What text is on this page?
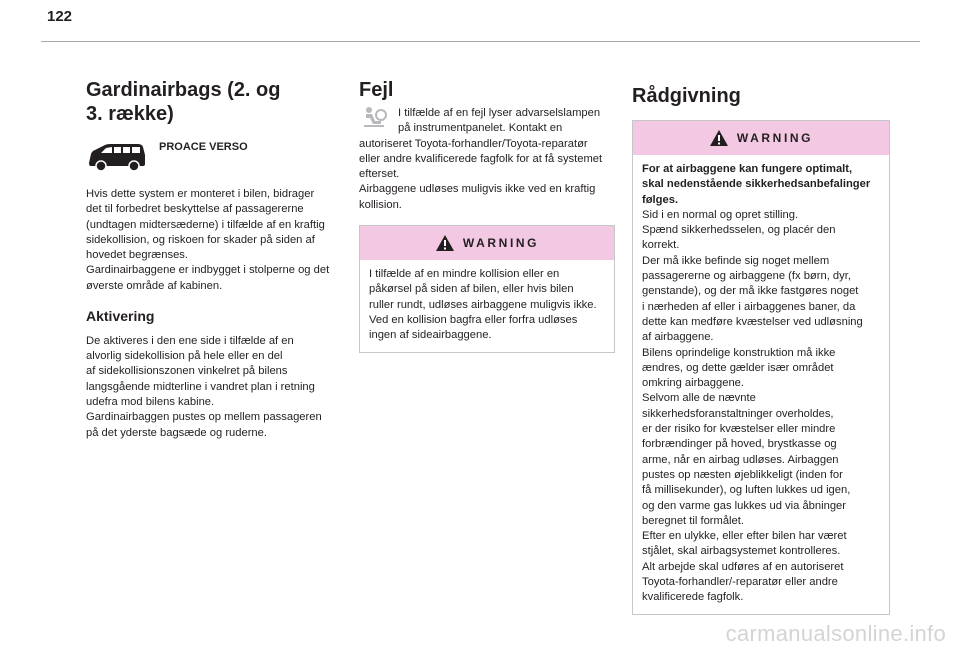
122
Gardinairbags (2. og 3. række)
PROACE VERSO

Hvis dette system er monteret i bilen, bidrager
det til forbedret beskyttelse af passagererne
(undtagen midtersæderne) i tilfælde af en kraftig
sidekollision, og riskoen for skader på siden af
hovedet begrænses.
Gardinairbaggene er indbygget i stolperne og det
øverste område af kabinen.

Aktivering

De aktiveres i den ene side i tilfælde af en
alvorlig sidekollision på hele eller en del
af sidekollisionszonen vinkelret på bilens
langsgående midterline i vandret plan i retning
udefra mod bilens kabine.
Gardinairbaggen pustes op mellem passageren
på det yderste bagsæde og ruderne.

Fejl

I tilfælde af en fejl lyser advarselslampen
på instrumentpanelet. Kontakt en
autoriseret Toyota-forhandler/Toyota-reparatør
eller andre kvalificerede fagfolk for at få systemet
efterset.
Airbaggene udløses muligvis ikke ved en kraftig
kollision.

WARNING

I tilfælde af en mindre kollision eller en
påkørsel på siden af bilen, eller hvis bilen
ruller rundt, udløses airbaggene muligvis ikke.
Ved en kollision bagfra eller forfra udløses
ingen af sideairbaggene.

Rådgivning
WARNING

For at airbaggene kan fungere optimalt,
skal nedenstående sikkerhedsanbefalinger
følges.

Sid i en normal og opret stilling.
Spænd sikkerhedsselen, og placér den
korrekt.
Der må ikke befinde sig noget mellem
passagererne og airbaggene (fx børn, dyr,
genstande), og der må ikke fastgøres noget
i nærheden af eller i airbaggenes baner, da
dette kan medføre kvæstelser ved udløsning
af airbaggene.
Bilens oprindelige konstruktion må ikke
ændres, og dette gælder især området
omkring airbaggene.
Selvom alle de nævnte
sikkerhedsforanstaltninger overholdes,
er der risiko for kvæstelser eller mindre
forbrændinger på hoved, brystkasse og
arme, når en airbag udløses. Airbaggen
pustes op næsten øjeblikkeligt (inden for
få millisekunder), og luften lukkes ud igen,
og den varme gas lukkes ud via åbninger
beregnet til formålet.
Efter en ulykke, eller efter bilen har været
stjålet, skal airbagsystemet kontrolleres.
Alt arbejde skal udføres af en autoriseret
Toyota-forhandler/-reparatør eller andre
kvalificerede fagfolk.

carmanualsonline.info
